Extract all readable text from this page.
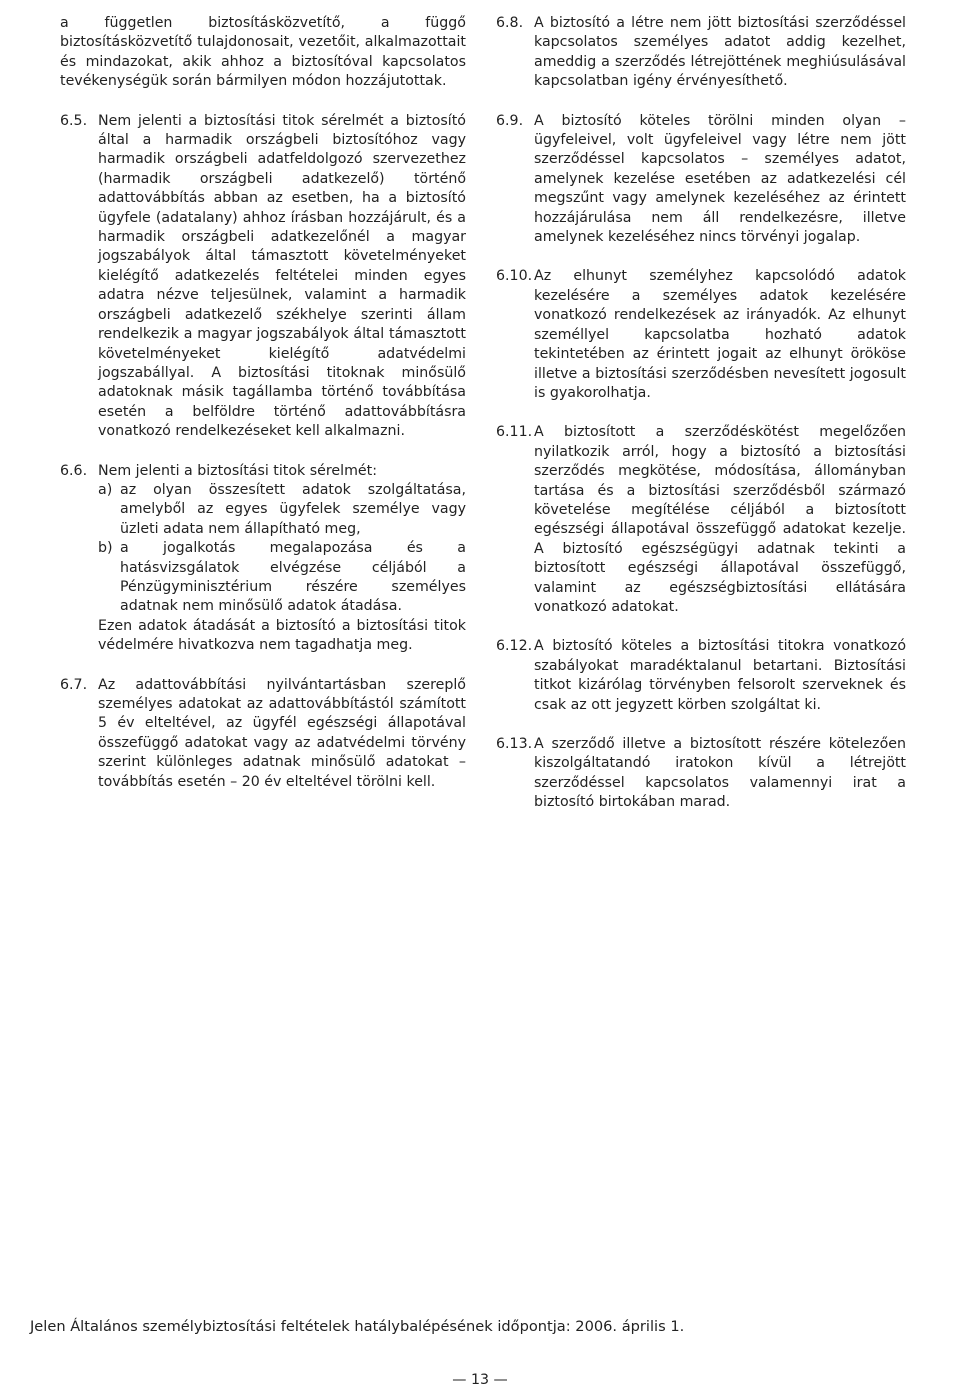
a független biztosításközvetítő, a függő biztosításközvetítő tulajdonosait, vezetőit, alkalmazottait és mindazokat, akik ahhoz a biztosítóval kapcsolatos tevékenységük során bármilyen módon hozzájutottak.

6.5. Nem jelenti a biztosítási titok sérelmét a biztosító által a harmadik országbeli biztosítóhoz vagy harmadik országbeli adatfeldolgozó szervezethez (harmadik országbeli adatkezelő) történő adattovábbítás abban az esetben, ha a biztosító ügyfele (adatalany) ahhoz írásban hozzájárult, és a harmadik országbeli adatkezelőnél a magyar jogszabályok által támasztott követelményeket kielégítő adatkezelés feltételei minden egyes adatra nézve teljesülnek, valamint a harmadik országbeli adatkezelő székhelye szerinti állam rendelkezik a magyar jogszabályok által támasztott követelményeket kielégítő adatvédelmi jogszabállyal. A biztosítási titoknak minősülő adatoknak másik tagállamba történő továbbítása esetén a belföldre történő adattovábbításra vonatkozó rendelkezéseket kell alkalmazni.
6.6. Nem jelenti a biztosítási titok sérelmét:
a) az olyan összesített adatok szolgáltatása, amelyből az egyes ügyfelek személye vagy üzleti adata nem állapítható meg,
b) a jogalkotás megalapozása és a hatásvizsgálatok elvégzése céljából a Pénzügyminisztérium részére személyes adatnak nem minősülő adatok átadása.
Ezen adatok átadását a biztosító a biztosítási titok védelmére hivatkozva nem tagadhatja meg.
6.7. Az adattovábbítási nyilvántartásban szereplő személyes adatokat az adattovábbítástól számított 5 év elteltével, az ügyfél egészségi állapotával összefüggő adatokat vagy az adatvédelmi törvény szerint különleges adatnak minősülő adatokat – továbbítás esetén – 20 év elteltével törölni kell.
6.8. A biztosító a létre nem jött biztosítási szerződéssel kapcsolatos személyes adatot addig kezelhet, ameddig a szerződés létrejöttének meghiúsulásával kapcsolatban igény érvényesíthető.
6.9. A biztosító köteles törölni minden olyan – ügyfeleivel, volt ügyfeleivel vagy létre nem jött szerződéssel kapcsolatos – személyes adatot, amelynek kezelése esetében az adatkezelési cél megszűnt vagy amelynek kezeléséhez az érintett hozzájárulása nem áll rendelkezésre, illetve amelynek kezeléséhez nincs törvényi jogalap.
6.10. Az elhunyt személyhez kapcsolódó adatok kezelésére a személyes adatok kezelésére vonatkozó rendelkezések az irányadók. Az elhunyt személlyel kapcsolatba hozható adatok tekintetében az érintett jogait az elhunyt örököse illetve a biztosítási szerződésben nevesített jogosult is gyakorolhatja.
6.11. A biztosított a szerződéskötést megelőzően nyilatkozik arról, hogy a biztosító a biztosítási szerződés megkötése, módosítása, állományban tartása és a biztosítási szerződésből származó követelése megítélése céljából a biztosított egészségi állapotával összefüggő adatokat kezelje. A biztosító egészségügyi adatnak tekinti a biztosított egészségi állapotával összefüggő, valamint az egészségbiztosítási ellátására vonatkozó adatokat.
6.12. A biztosító köteles a biztosítási titokra vonatkozó szabályokat maradéktalanul betartani. Biztosítási titkot kizárólag törvényben felsorolt szerveknek és csak az ott jegyzett körben szolgáltat ki.
6.13. A szerződő illetve a biztosított részére kötelezően kiszolgáltatandó iratokon kívül a létrejött szerződéssel kapcsolatos valamennyi irat a biztosító birtokában marad.
Jelen Általános személybiztosítási feltételek hatálybalépésének időpontja: 2006. április 1.
— 13 —
